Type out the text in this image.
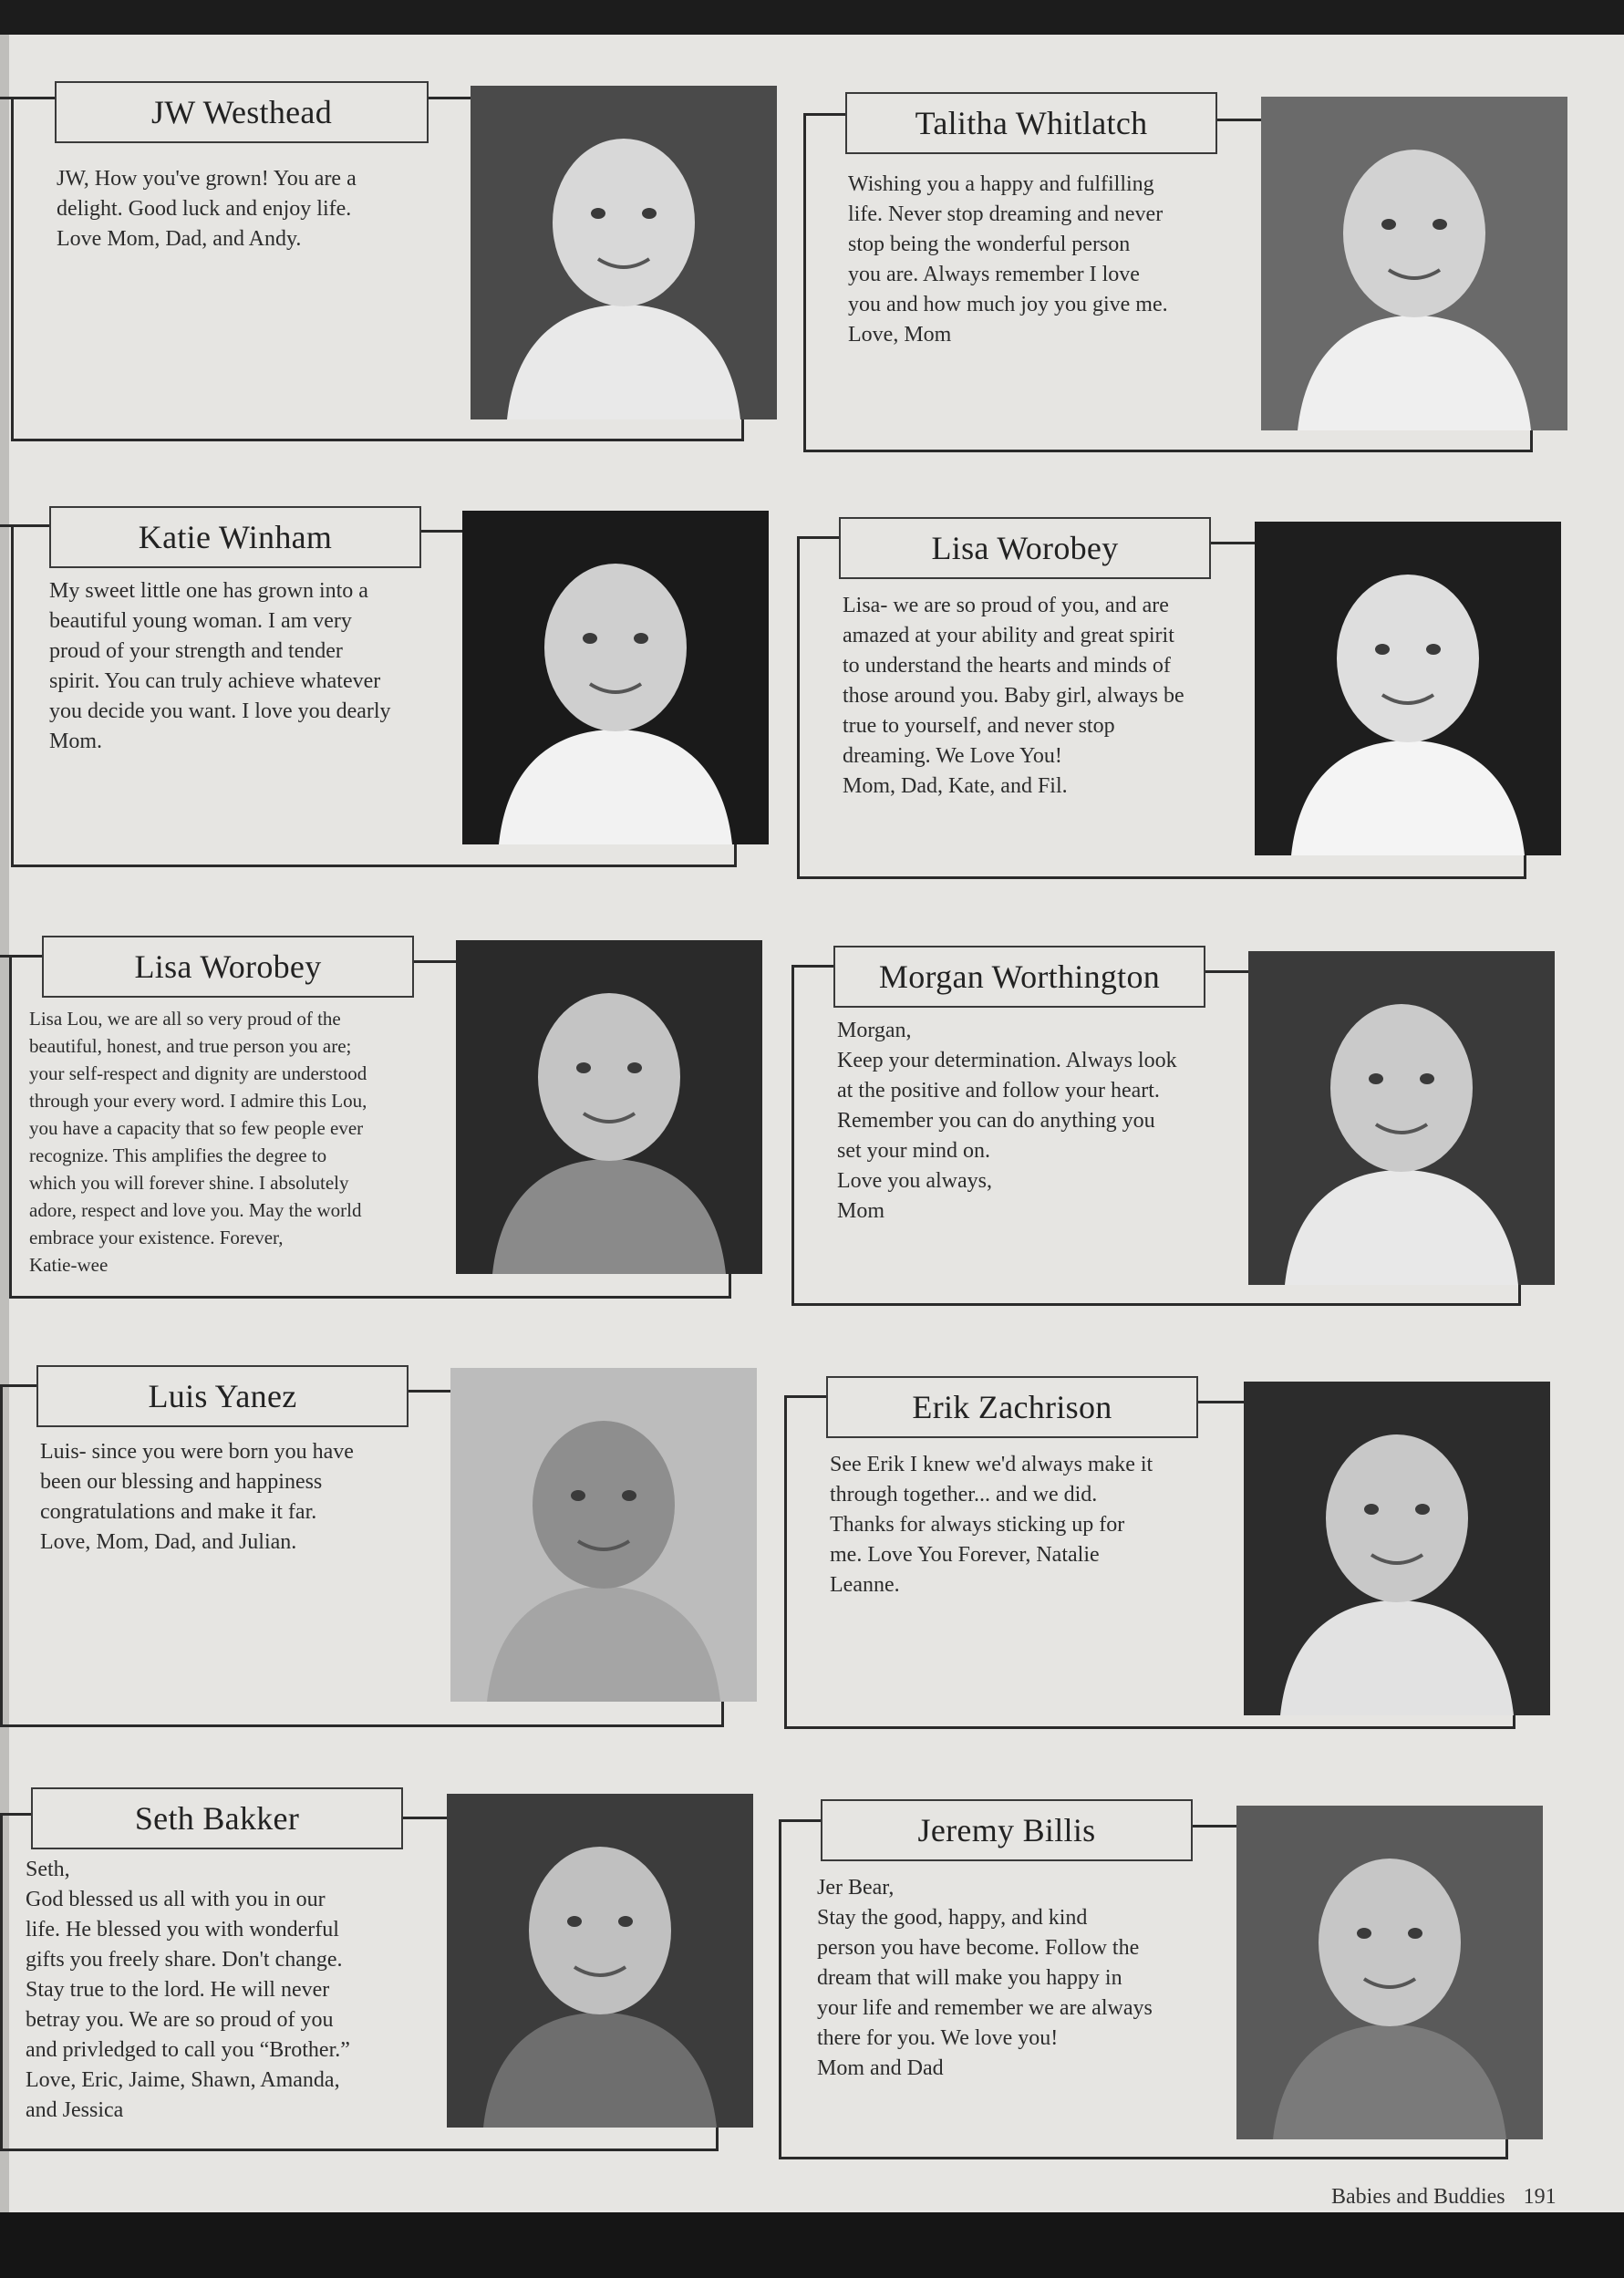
JW Westhead
JW, How you've grown! You are a
delight. Good luck and enjoy life.
Love Mom, Dad, and Andy.
Talitha Whitlatch
Wishing you a happy and fulfilling
life. Never stop dreaming and never
stop being the wonderful person
you are. Always remember I love
you and how much joy you give me.
Love, Mom
Katie Winham
My sweet little one has grown into a
beautiful young woman. I am very
proud of your strength and tender
spirit. You can truly achieve whatever
you decide you want. I love you dearly
Mom.
Lisa Worobey
Lisa- we are so proud of you, and are
amazed at your ability and great spirit
to understand the hearts and minds of
those around you. Baby girl, always be
true to yourself, and never stop
dreaming. We Love You!
Mom, Dad, Kate, and Fil.
Lisa Worobey
Lisa Lou, we are all so very proud of the
beautiful, honest, and true person you are;
your self-respect and dignity are understood
through your every word. I admire this Lou,
you have a capacity that so few people ever
recognize. This amplifies the degree to
which you will forever shine. I absolutely
adore, respect and love you. May the world
embrace your existence. Forever,
Katie-wee
Morgan Worthington
Morgan,
Keep your determination. Always look
at the positive and follow your heart.
Remember you can do anything you
set your mind on.
Love you always,
Mom
Luis Yanez
Luis- since you were born you have
been our blessing and happiness
congratulations and make it far.
Love, Mom, Dad, and Julian.
Erik Zachrison
See Erik I knew we'd always make it
through together... and we did.
Thanks for always sticking up for
me. Love You Forever, Natalie
Leanne.
Seth Bakker
Seth,
God blessed us all with you in our
life. He blessed you with wonderful
gifts you freely share. Don't change.
Stay true to the lord. He will never
betray you. We are so proud of you
and privledged to call you “Brother.”
Love, Eric, Jaime, Shawn, Amanda,
and Jessica
Jeremy Billis
Jer Bear,
Stay the good, happy, and kind
person you have become. Follow the
dream that will make you happy in
your life and remember we are always
there for you. We love you!
Mom and Dad
Babies and Buddies 191
